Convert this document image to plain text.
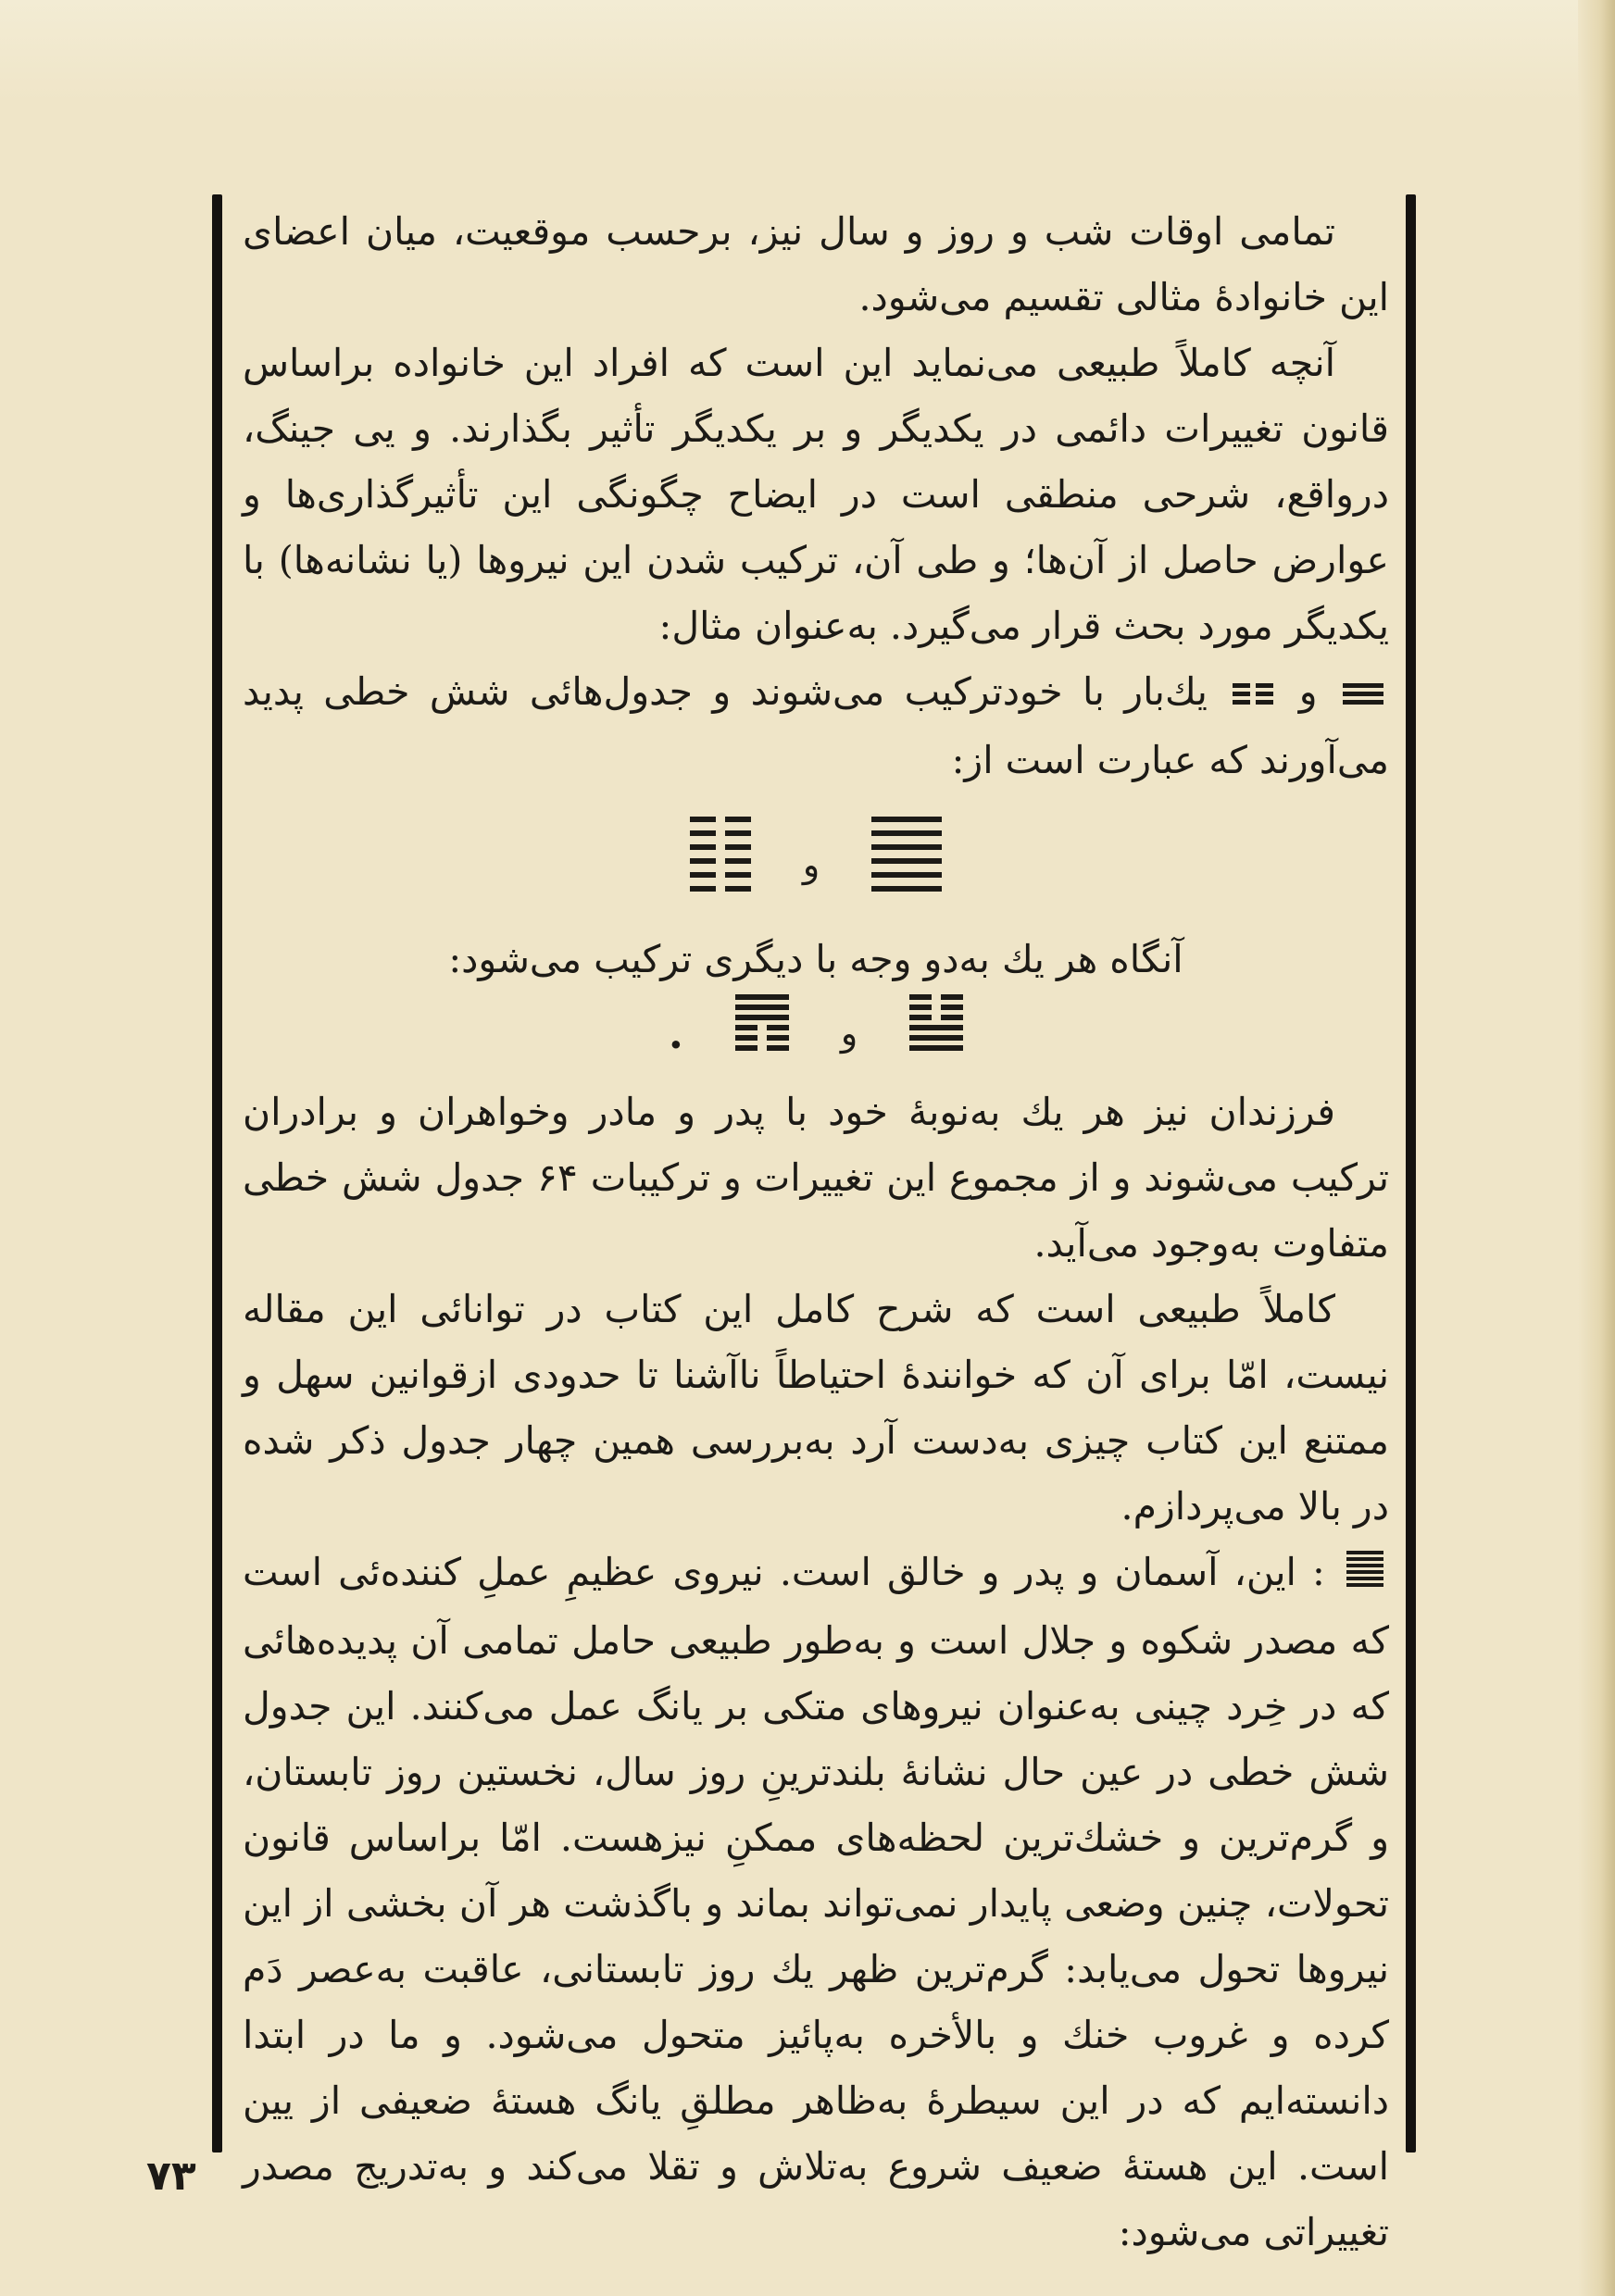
تمامی اوقات شب و روز و سال نیز، برحسب موقعیت، میان اعضای این خانوادهٔ مثالی تقسیم می‌شود.

آنچه کاملاً طبیعی می‌نماید این است که افراد این خانواده براساس قانون تغییرات دائمی در یکدیگر و بر یکدیگر تأثیر بگذارند. و یی جینگ، درواقع، شرحی منطقی است در ایضاح چگونگی این تأثیرگذاری‌ها و عوارض حاصل از آن‌ها؛ و طی آن، ترکیب شدن این نیروها (یا نشانه‌ها) با یکدیگر مورد بحث قرار می‌گیرد. به‌عنوان مثال:

و  یك‌بار با خودترکیب می‌شوند و جدول‌هائی شش خطی پدید می‌آورند که عبارت است از:

و

آنگاه هر یك به‌دو وجه با دیگری ترکیب می‌شود:

.	و

فرزندان نیز هر یك به‌نوبهٔ خود با پدر و مادر وخواهران و برادران ترکیب می‌شوند و از مجموع این تغییرات و ترکیبات ۶۴ جدول شش خطی متفاوت به‌وجود می‌آید.

کاملاً طبیعی است که شرح کامل این کتاب در توانائی این مقاله نیست، امّا برای آن که خوانندهٔ احتیاطاً ناآشنا تا حدودی ازقوانین سهل و ممتنع این کتاب چیزی به‌دست آرد به‌بررسی همین چهار جدول ذکر شده در بالا می‌پردازم.

: این، آسمان و پدر و خالق است. نیروی عظیمِ عملِ کننده‌ئی است که مصدر شکوه و جلال است و به‌طور طبیعی حامل تمامی آن پدیده‌هائی که در خِرد چینی به‌عنوان نیروهای متکی بر یانگ عمل می‌کنند. این جدول شش خطی در عین حال نشانهٔ بلندترینِ روز سال، نخستین روز تابستان، و گرم‌ترین و خشك‌ترین لحظه‌های ممکنِ نیزهست. امّا براساس قانون تحولات، چنین وضعی پایدار نمی‌تواند بماند و باگذشت هر آن بخشی از این نیروها تحول می‌یابد: گرم‌ترین ظهر یك روز تابستانی، عاقبت به‌عصر دَم کرده و غروب خنك و بالأخره به‌پائیز متحول می‌شود. و ما در ابتدا دانسته‌ایم که در این سیطرهٔ به‌ظاهر مطلقِ یانگ هستهٔ ضعیفی از یین است. این هستهٔ ضعیف شروع به‌تلاش و تقلا می‌کند و به‌تدریج مصدر تغییراتی می‌شود:

۷۳
